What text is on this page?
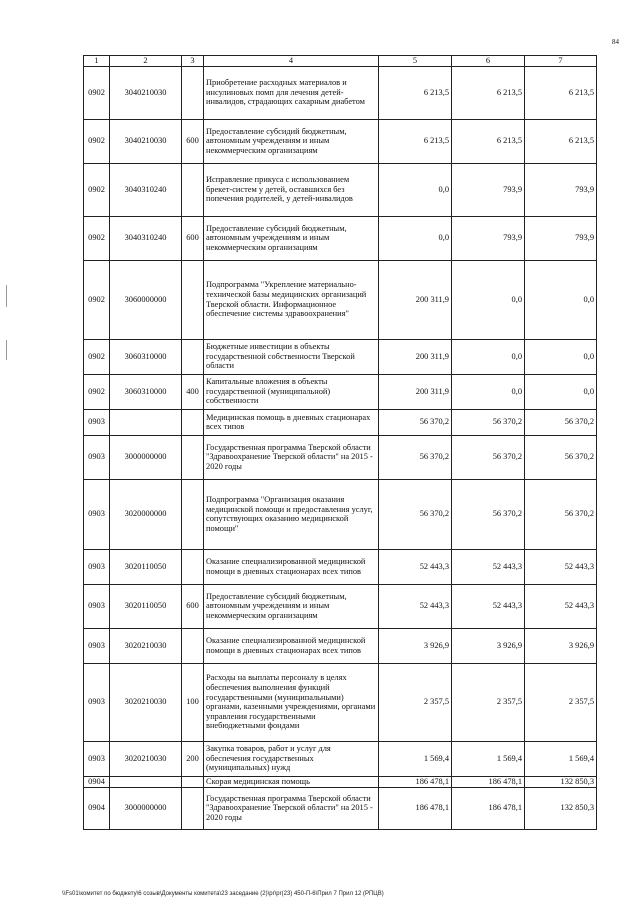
84
1	2	3	4	5	6	7
0902	3040210030		Приобретение расходных материалов и инсулиновых помп для лечения детей-инвалидов, страдающих сахарным диабетом	6 213,5	6 213,5	6 213,5
0902	3040210030	600	Предоставление субсидий бюджетным, автономным учреждениям и иным некоммерческим организациям	6 213,5	6 213,5	6 213,5
0902	3040310240		Исправление прикуса с использованием брекет-систем у детей, оставшихся без попечения родителей, у детей-инвалидов	0,0	793,9	793,9
0902	3040310240	600	Предоставление субсидий бюджетным, автономным учреждениям и иным некоммерческим организациям	0,0	793,9	793,9
0902	3060000000		Подпрограмма "Укрепление материально-технической базы медицинских организаций Тверской области. Информационное обеспечение системы здравоохранения"	200 311,9	0,0	0,0
0902	3060310000		Бюджетные инвестиции в объекты государственной собственности Тверской области	200 311,9	0,0	0,0
0902	3060310000	400	Капитальные вложения в объекты государственной (муниципальной) собственности	200 311,9	0,0	0,0
0903			Медицинская помощь в дневных стационарах всех типов	56 370,2	56 370,2	56 370,2
0903	3000000000		Государственная программа Тверской области "Здравоохранение Тверской области" на 2015 - 2020 годы	56 370,2	56 370,2	56 370,2
0903	3020000000		Подпрограмма "Организация оказания медицинской помощи и предоставления услуг, сопутствующих оказанию медицинской помощи"	56 370,2	56 370,2	56 370,2
0903	3020110050		Оказание специализированной медицинской помощи в дневных стационарах всех типов	52 443,3	52 443,3	52 443,3
0903	3020110050	600	Предоставление субсидий бюджетным, автономным учреждениям и иным некоммерческим организациям	52 443,3	52 443,3	52 443,3
0903	3020210030		Оказание специализированной медицинской помощи в дневных стационарах всех типов	3 926,9	3 926,9	3 926,9
0903	3020210030	100	Расходы на выплаты персоналу в целях обеспечения выполнения функций государственными (муниципальными) органами, казенными учреждениями, органами управления государственными внебюджетными фондами	2 357,5	2 357,5	2 357,5
0903	3020210030	200	Закупка товаров, работ и услуг для обеспечения государственных (муниципальных) нужд	1 569,4	1 569,4	1 569,4
0904			Скорая медицинская помощь	186 478,1	186 478,1	132 850,3
0904	3000000000		Государственная программа Тверской области "Здравоохранение Тверской области" на 2015 - 2020 годы	186 478,1	186 478,1	132 850,3
\\Fs01\комитет по бюджету\6 созыв\Документы комитета\23 заседание (2)\pr\pr(23) 450-П-6\Прил 7 Прил 12 (РПЦВ)
